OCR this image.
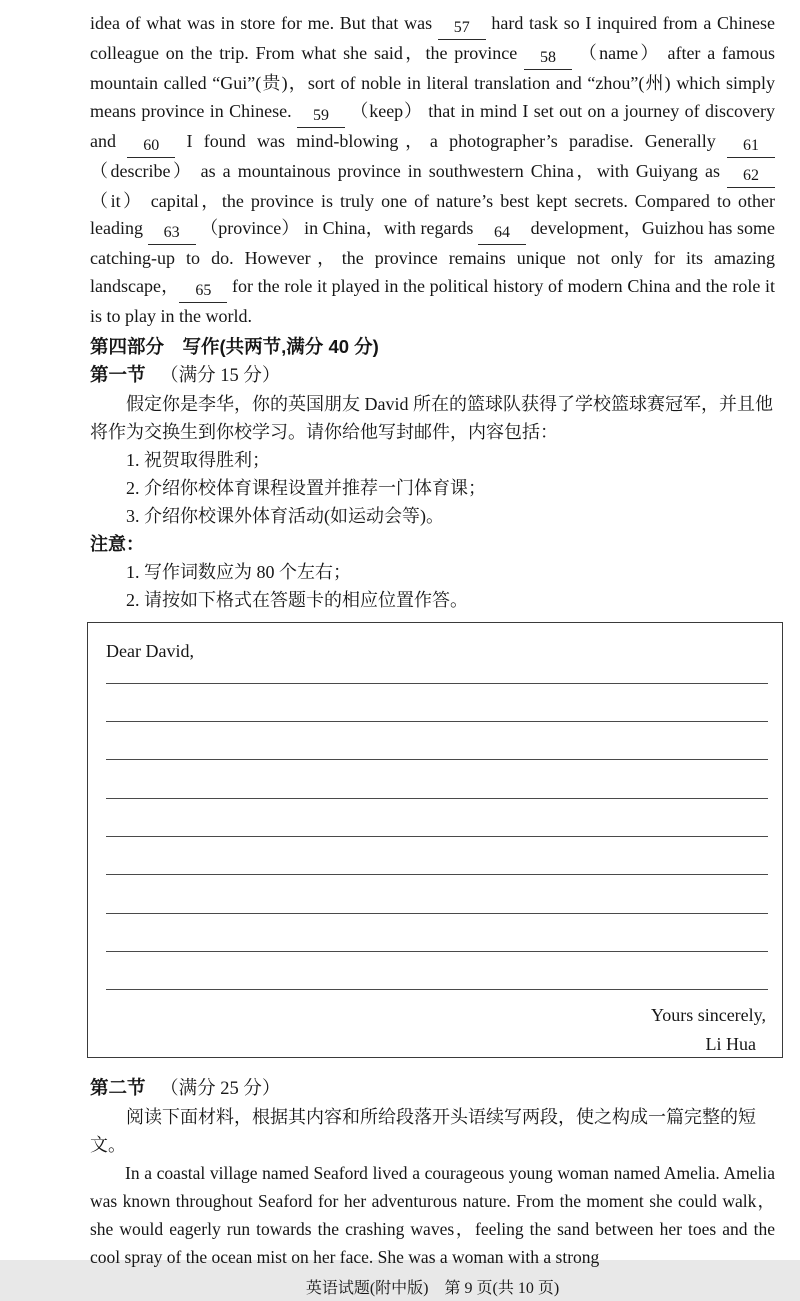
idea of what was in store for me. But that was 57 hard task so I inquired from a Chinese colleague on the trip. From what she said，the province 58 （name） after a famous mountain called “Gui”(贵)，sort of noble in literal translation and “zhou”(州) which simply means province in Chinese. 59 （keep） that in mind I set out on a journey of discovery and 60 I found was mind-blowing，a photographer’s paradise. Generally 61 （describe） as a mountainous province in southwestern China，with Guiyang as 62 （it） capital，the province is truly one of nature’s best kept secrets. Compared to other leading 63 （province） in China，with regards 64 development，Guizhou has some catching-up to do. However，the province remains unique not only for its amazing landscape， 65 for the role it played in the political history of modern China and the role it is to play in the world.

第四部分　写作(共两节,满分 40 分)
第一节 （满分 15 分）

假定你是李华，你的英国朋友 David 所在的篮球队获得了学校篮球赛冠军，并且他将作为交换生到你校学习。请你给他写封邮件，内容包括：

1. 祝贺取得胜利；
2. 介绍你校体育课程设置并推荐一门体育课；
3. 介绍你校课外体育活动(如运动会等)。
注意：
1. 写作词数应为 80 个左右；
2. 请按如下格式在答题卡的相应位置作答。
Dear David,
Yours sincerely,
Li Hua
第二节 （满分 25 分）

阅读下面材料，根据其内容和所给段落开头语续写两段，使之构成一篇完整的短文。

In a coastal village named Seaford lived a courageous young woman named Amelia. Amelia was known throughout Seaford for her adventurous nature. From the moment she could walk，she would eagerly run towards the crashing waves，feeling the sand between her toes and the cool spray of the ocean mist on her face. She was a woman with a strong

英语试题(附中版)　第 9 页(共 10 页)
